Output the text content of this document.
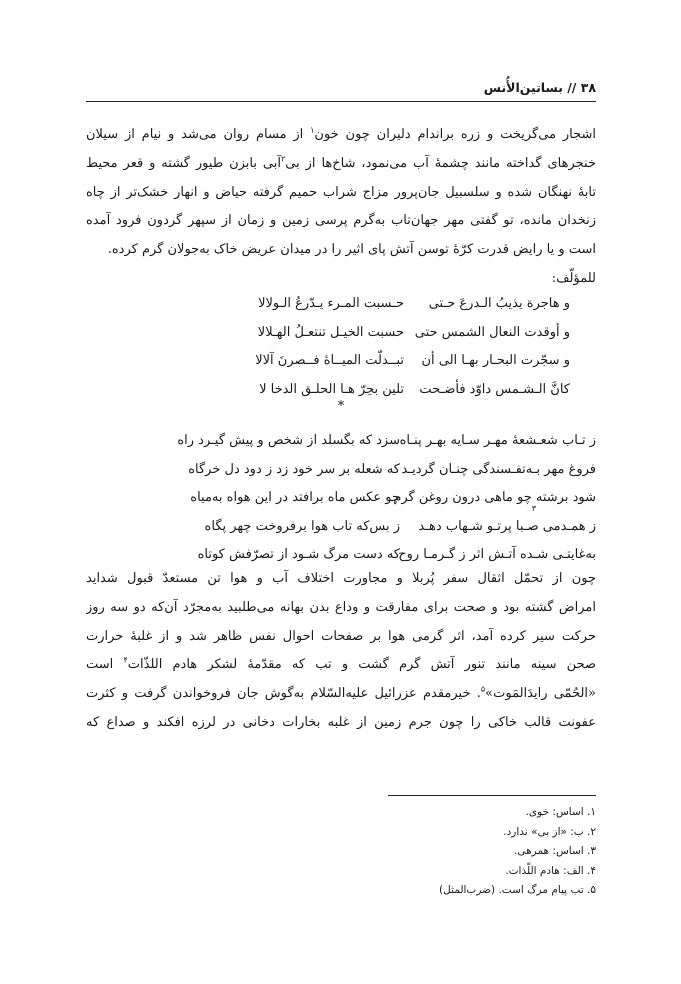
۳۸ // بساتین‌الأُنس
اشجار می‌گریخت و زره براندام دلیران چون خون$^۱$ از مسام روان می‌شد و نیام از سیلان
خنجرهای گداخته مانند چشمهٔ آب می‌نمود، شاخ‌ها از بی$^۲$آبی بابزن طیور گشته و قعر محیط
تابهٔ نهنگان شده و سلسبیل جان‌پرور مزاج شراب حمیم گرفته حیاض و انهار خشک‌تر از چاه
زنخدان مانده، تو گفتی مهر جهان‌تاب به‌گرم پرسی زمین و زمان از سپهر گردون فرود آمده
است و یا رایض قدرت کرّهٔ توسن آتش پای اثیر را در میدان عریض خاک به‌جولان گرم کرده.
للمؤلّف:
و هاجرة یذیبُ الـدرعَ حـتی
حـسبت المـرء یـدّرعُ الـولالا
و أوقدت النعال الشمس حتی
حسبت الخیـل تنتعـلُ الهـلالا
و سجّرت البحـار بهـا الی أن
تبــدلّت المیــاهٔ فــصرنَ آلالا
کانَّ الـشـمس داوّد فأضـحت
تلین بحِرّ هـا الحلـق الدخا لا
*
ز تـاب شعـشعهٔ مهـر سـایه بهـر پنـاه
سزد که بگسلد از شخص و پیش گیـرد راه
فروغ مهر بـه‌تفـسندگی چنـان گردیـد
که شعله بر سر خود زد ز دود دل خرگاه
شود برشته چو ماهی درون روغن گرم
چو عکس ماه برافتد در این هواه به‌میاه
ز همـدمی صـبا پرتـو شـهاب دهـد
ز بس‌که تاب هوا برفروخت چهر پگاه
به‌غایتـی شـده آتـش اثر ز گـرمـا روح
که دست مرگ شـود از تصرّفش کوتاه
۳
چون از تحمّل اثقال سفر پُربلا و مجاورت اختلاف آب و هوا تن مستعدّ قبول شداید
امراض گشته بود و صحت برای مفارقت و وداع بدن بهانه می‌طلبید به‌مجرّد آن‌که دو سه روز
حرکت سیر کرده آمد، اثر گرمی هوا بر صفحات احوال نفس ظاهر شد و از غلبهٔ حرارت
صحن سینه مانند تنور آتش گرم گشت و تب که مقدّمهٔ لشکر هادم اللذّات$^۴$ است
«الحُمّی رایدَالمَوت»$^۵$. خیرمقدم عزرائیل علیه‌السّلام به‌گوش جان فروخواندن گرفت و کثرت
عفونت قالب خاکی را چون جرم زمین از غلبه بخارات دخانی در لرزه افکند و صداع که
۱. اساس: خوی.
۲. ب: «از بی» ندارد.
۳. اساس: همرهی.
۴. الف: هادم اللّذات.
۵. تب پیام مرگ است. (ضرب‌المثل)
